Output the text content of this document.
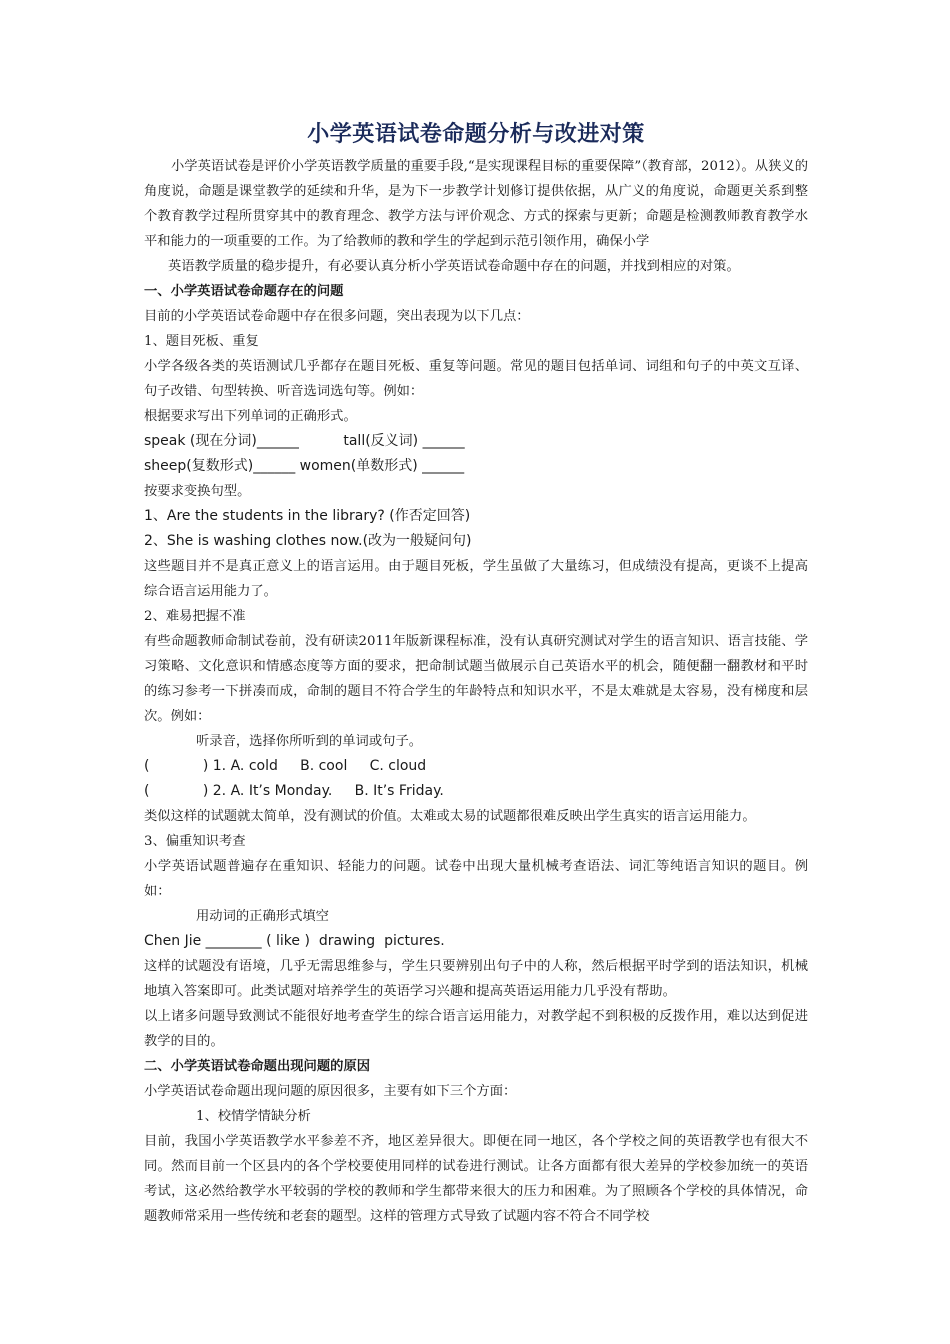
小学英语试卷命题分析与改进对策

小学英语试卷是评价小学英语教学质量的重要手段,“是实现课程目标的重要保障”（教育部，2012）。从狭义的角度说，命题是课堂教学的延续和升华，是为下一步教学计划修订提供依据，从广义的角度说，命题更关系到整个教育教学过程所贯穿其中的教育理念、教学方法与评价观念、方式的探索与更新；命题是检测教师教育教学水平和能力的一项重要的工作。为了给教师的教和学生的学起到示范引领作用，确保小学

英语教学质量的稳步提升，有必要认真分析小学英语试卷命题中存在的问题，并找到相应的对策。

一、小学英语试卷命题存在的问题

目前的小学英语试卷命题中存在很多问题，突出表现为以下几点：

1、题目死板、重复

小学各级各类的英语测试几乎都存在题目死板、重复等问题。常见的题目包括单词、词组和句子的中英文互译、句子改错、句型转换、听音选词选句等。例如：

根据要求写出下列单词的正确形式。

speak (现在分词)______          tall(反义词) ______

sheep(复数形式)______ women(单数形式) ______

按要求变换句型。

1、Are the students in the library? (作否定回答)

2、She is washing clothes now.(改为一般疑问句)

这些题目并不是真正意义上的语言运用。由于题目死板，学生虽做了大量练习，但成绩没有提高，更谈不上提高综合语言运用能力了。

2、难易把握不准

有些命题教师命制试卷前，没有研读2011年版新课程标准，没有认真研究测试对学生的语言知识、语言技能、学习策略、文化意识和情感态度等方面的要求，把命制试题当做展示自己英语水平的机会，随便翻一翻教材和平时的练习参考一下拼凑而成，命制的题目不符合学生的年龄特点和知识水平，不是太难就是太容易，没有梯度和层次。例如：

听录音，选择你所听到的单词或句子。

(            ) 1. A. cold     B. cool     C. cloud

(            ) 2. A. It’s Monday.     B. It’s Friday.

类似这样的试题就太简单，没有测试的价值。太难或太易的试题都很难反映出学生真实的语言运用能力。

3、偏重知识考查

小学英语试题普遍存在重知识、轻能力的问题。试卷中出现大量机械考查语法、词汇等纯语言知识的题目。例如：

用动词的正确形式填空

Chen Jie ________ ( like )  drawing  pictures.

这样的试题没有语境，几乎无需思维参与，学生只要辨别出句子中的人称，然后根据平时学到的语法知识，机械地填入答案即可。此类试题对培养学生的英语学习兴趣和提高英语运用能力几乎没有帮助。

以上诸多问题导致测试不能很好地考查学生的综合语言运用能力，对教学起不到积极的反拨作用，难以达到促进教学的目的。

二、小学英语试卷命题出现问题的原因

小学英语试卷命题出现问题的原因很多，主要有如下三个方面：

1、校情学情缺分析

目前，我国小学英语教学水平参差不齐，地区差异很大。即便在同一地区，各个学校之间的英语教学也有很大不同。然而目前一个区县内的各个学校要使用同样的试卷进行测试。让各方面都有很大差异的学校参加统一的英语考试，这必然给教学水平较弱的学校的教师和学生都带来很大的压力和困难。为了照顾各个学校的具体情况，命题教师常采用一些传统和老套的题型。这样的管理方式导致了试题内容不符合不同学校
